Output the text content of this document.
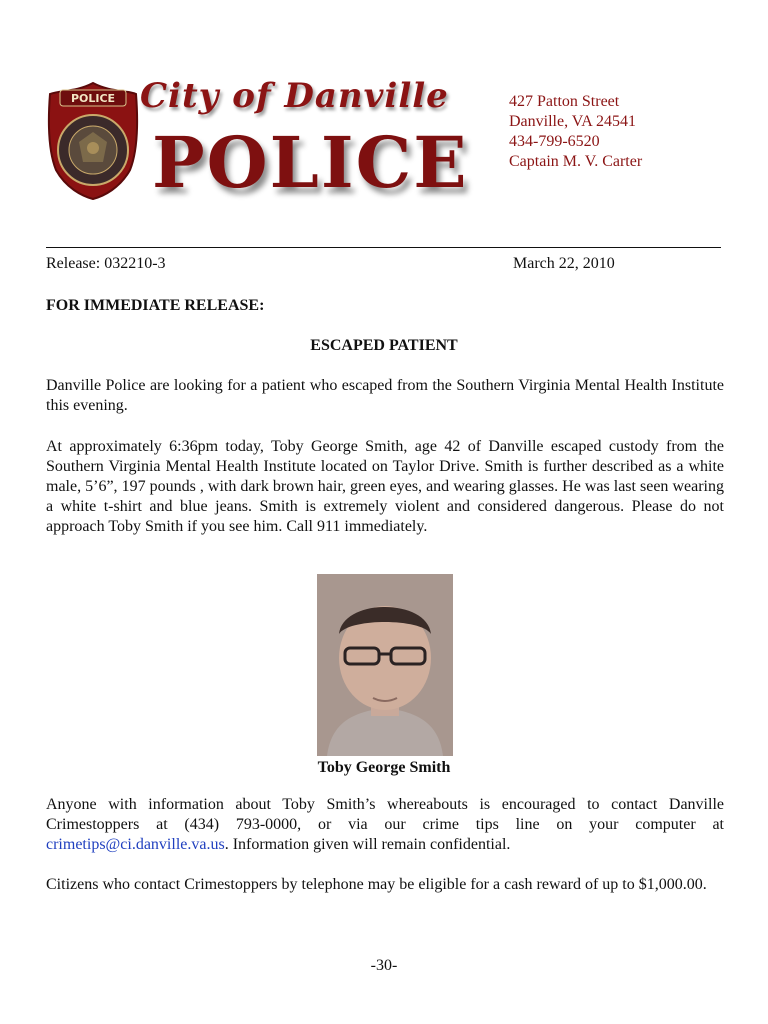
POLICE City of Danville
POLICE
427 Patton Street
Danville, VA 24541
434-799-6520
Captain M. V. Carter
Release: 032210-3	March 22, 2010
FOR IMMEDIATE RELEASE:
ESCAPED PATIENT
Danville Police are looking for a patient who escaped from the Southern Virginia Mental Health Institute this evening.
At approximately 6:36pm today, Toby George Smith, age 42 of Danville escaped custody from the Southern Virginia Mental Health Institute located on Taylor Drive. Smith is further described as a white male, 5’6”, 197 pounds , with dark brown hair, green eyes, and wearing glasses. He was last seen wearing a white t-shirt and blue jeans. Smith is extremely violent and considered dangerous. Please do not approach Toby Smith if you see him. Call 911 immediately.
Toby George Smith
Anyone with information about Toby Smith’s whereabouts is encouraged to contact Danville Crimestoppers at (434) 793-0000, or via our crime tips line on your computer at crimetips@ci.danville.va.us. Information given will remain confidential.
Citizens who contact Crimestoppers by telephone may be eligible for a cash reward of up to $1,000.00.
-30-
